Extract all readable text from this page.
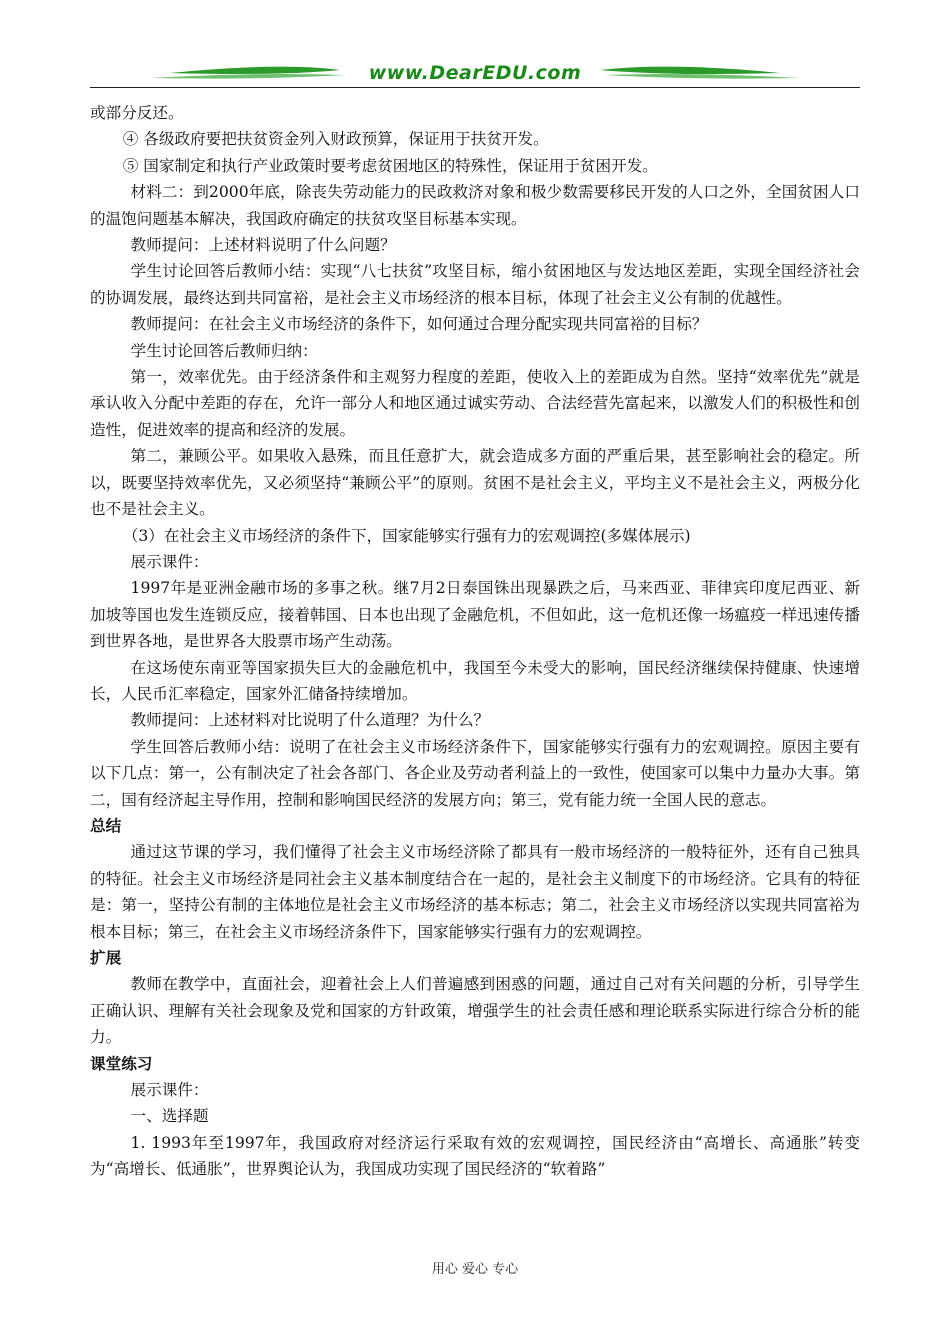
www.DearEDU.com

或部分反还。

④ 各级政府要把扶贫资金列入财政预算，保证用于扶贫开发。

⑤ 国家制定和执行产业政策时要考虑贫困地区的特殊性，保证用于贫困开发。

材料二：到2000年底，除丧失劳动能力的民政救济对象和极少数需要移民开发的人口之外，全国贫困人口的温饱问题基本解决，我国政府确定的扶贫攻坚目标基本实现。

教师提问：上述材料说明了什么问题？

学生讨论回答后教师小结：实现“八七扶贫”攻坚目标，缩小贫困地区与发达地区差距，实现全国经济社会的协调发展，最终达到共同富裕，是社会主义市场经济的根本目标，体现了社会主义公有制的优越性。

教师提问：在社会主义市场经济的条件下，如何通过合理分配实现共同富裕的目标？

学生讨论回答后教师归纳：

第一，效率优先。由于经济条件和主观努力程度的差距，使收入上的差距成为自然。坚持“效率优先”就是承认收入分配中差距的存在，允许一部分人和地区通过诚实劳动、合法经营先富起来，以激发人们的积极性和创造性，促进效率的提高和经济的发展。

第二，兼顾公平。如果收入悬殊，而且任意扩大，就会造成多方面的严重后果，甚至影响社会的稳定。所以，既要坚持效率优先，又必须坚持“兼顾公平”的原则。贫困不是社会主义，平均主义不是社会主义，两极分化也不是社会主义。

（3）在社会主义市场经济的条件下，国家能够实行强有力的宏观调控(多媒体展示)

展示课件：

1997年是亚洲金融市场的多事之秋。继7月2日泰国铢出现暴跌之后，马来西亚、菲律宾印度尼西亚、新加坡等国也发生连锁反应，接着韩国、日本也出现了金融危机，不但如此，这一危机还像一场瘟疫一样迅速传播到世界各地，是世界各大股票市场产生动荡。

在这场使东南亚等国家损失巨大的金融危机中，我国至今未受大的影响，国民经济继续保持健康、快速增长，人民币汇率稳定，国家外汇储备持续增加。

教师提问：上述材料对比说明了什么道理？为什么？

学生回答后教师小结：说明了在社会主义市场经济条件下，国家能够实行强有力的宏观调控。原因主要有以下几点：第一，公有制决定了社会各部门、各企业及劳动者利益上的一致性，使国家可以集中力量办大事。第二，国有经济起主导作用，控制和影响国民经济的发展方向；第三，党有能力统一全国人民的意志。

总结

通过这节课的学习，我们懂得了社会主义市场经济除了都具有一般市场经济的一般特征外，还有自己独具的特征。社会主义市场经济是同社会主义基本制度结合在一起的，是社会主义制度下的市场经济。它具有的特征是：第一，坚持公有制的主体地位是社会主义市场经济的基本标志；第二，社会主义市场经济以实现共同富裕为根本目标；第三，在社会主义市场经济条件下，国家能够实行强有力的宏观调控。

扩展

教师在教学中，直面社会，迎着社会上人们普遍感到困惑的问题，通过自己对有关问题的分析，引导学生正确认识、理解有关社会现象及党和国家的方针政策，增强学生的社会责任感和理论联系实际进行综合分析的能力。

课堂练习

展示课件：

一、选择题

1. 1993年至1997年，我国政府对经济运行采取有效的宏观调控，国民经济由“高增长、高通胀”转变为“高增长、低通胀”，世界舆论认为，我国成功实现了国民经济的“软着路”

用心 爱心 专心
